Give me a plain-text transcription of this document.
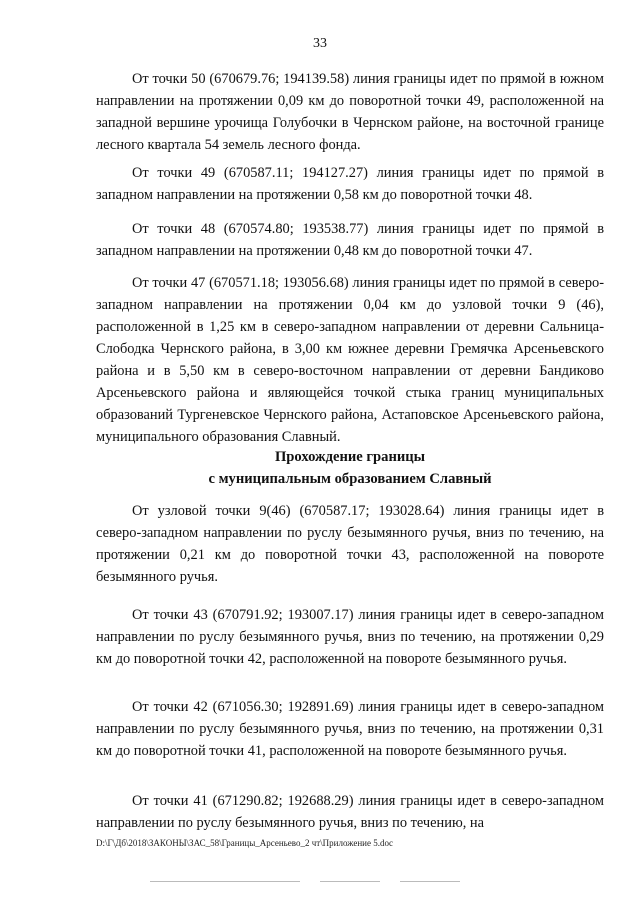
33

От точки 50 (670679.76; 194139.58) линия границы идет по прямой в южном направлении на протяжении 0,09 км до поворотной точки 49, расположенной на западной вершине урочища Голубочки в Чернском районе, на восточной границе лесного квартала 54 земель лесного фонда.

От точки 49 (670587.11; 194127.27) линия границы идет по прямой в западном направлении на протяжении 0,58 км до поворотной точки 48.

От точки 48 (670574.80; 193538.77) линия границы идет по прямой в западном направлении на протяжении 0,48 км до поворотной точки 47.

От точки 47 (670571.18; 193056.68) линия границы идет по прямой в северо-западном направлении на протяжении 0,04 км до узловой точки 9 (46), расположенной в 1,25 км в северо-западном направлении от деревни Сальница-Слободка Чернского района, в 3,00 км южнее деревни Гремячка Арсеньевского района и в 5,50 км в северо-восточном направлении от деревни Бандиково Арсеньевского района и являющейся точкой стыка границ муниципальных образований Тургеневское Чернского района, Астаповское Арсеньевского района, муниципального образования Славный.

Прохождение границы
с муниципальным образованием Славный

От узловой точки 9(46) (670587.17; 193028.64) линия границы идет в северо-западном направлении по руслу безымянного ручья, вниз по течению, на протяжении 0,21 км до поворотной точки 43, расположенной на повороте безымянного ручья.

От точки 43 (670791.92; 193007.17) линия границы идет в северо-западном направлении по руслу безымянного ручья, вниз по течению, на протяжении 0,29 км до поворотной точки 42, расположенной на повороте безымянного ручья.

От точки 42 (671056.30; 192891.69) линия границы идет в северо-западном направлении по руслу безымянного ручья, вниз по течению, на протяжении 0,31 км до поворотной точки 41, расположенной на повороте безымянного ручья.

От точки 41 (671290.82; 192688.29) линия границы идет в северо-западном направлении по руслу безымянного ручья, вниз по течению, на

D:\Г\Дб\2018\ЗАКОНЫ\ЗАС_58\Границы_Арсеньево_2 чт\Приложение 5.doc
